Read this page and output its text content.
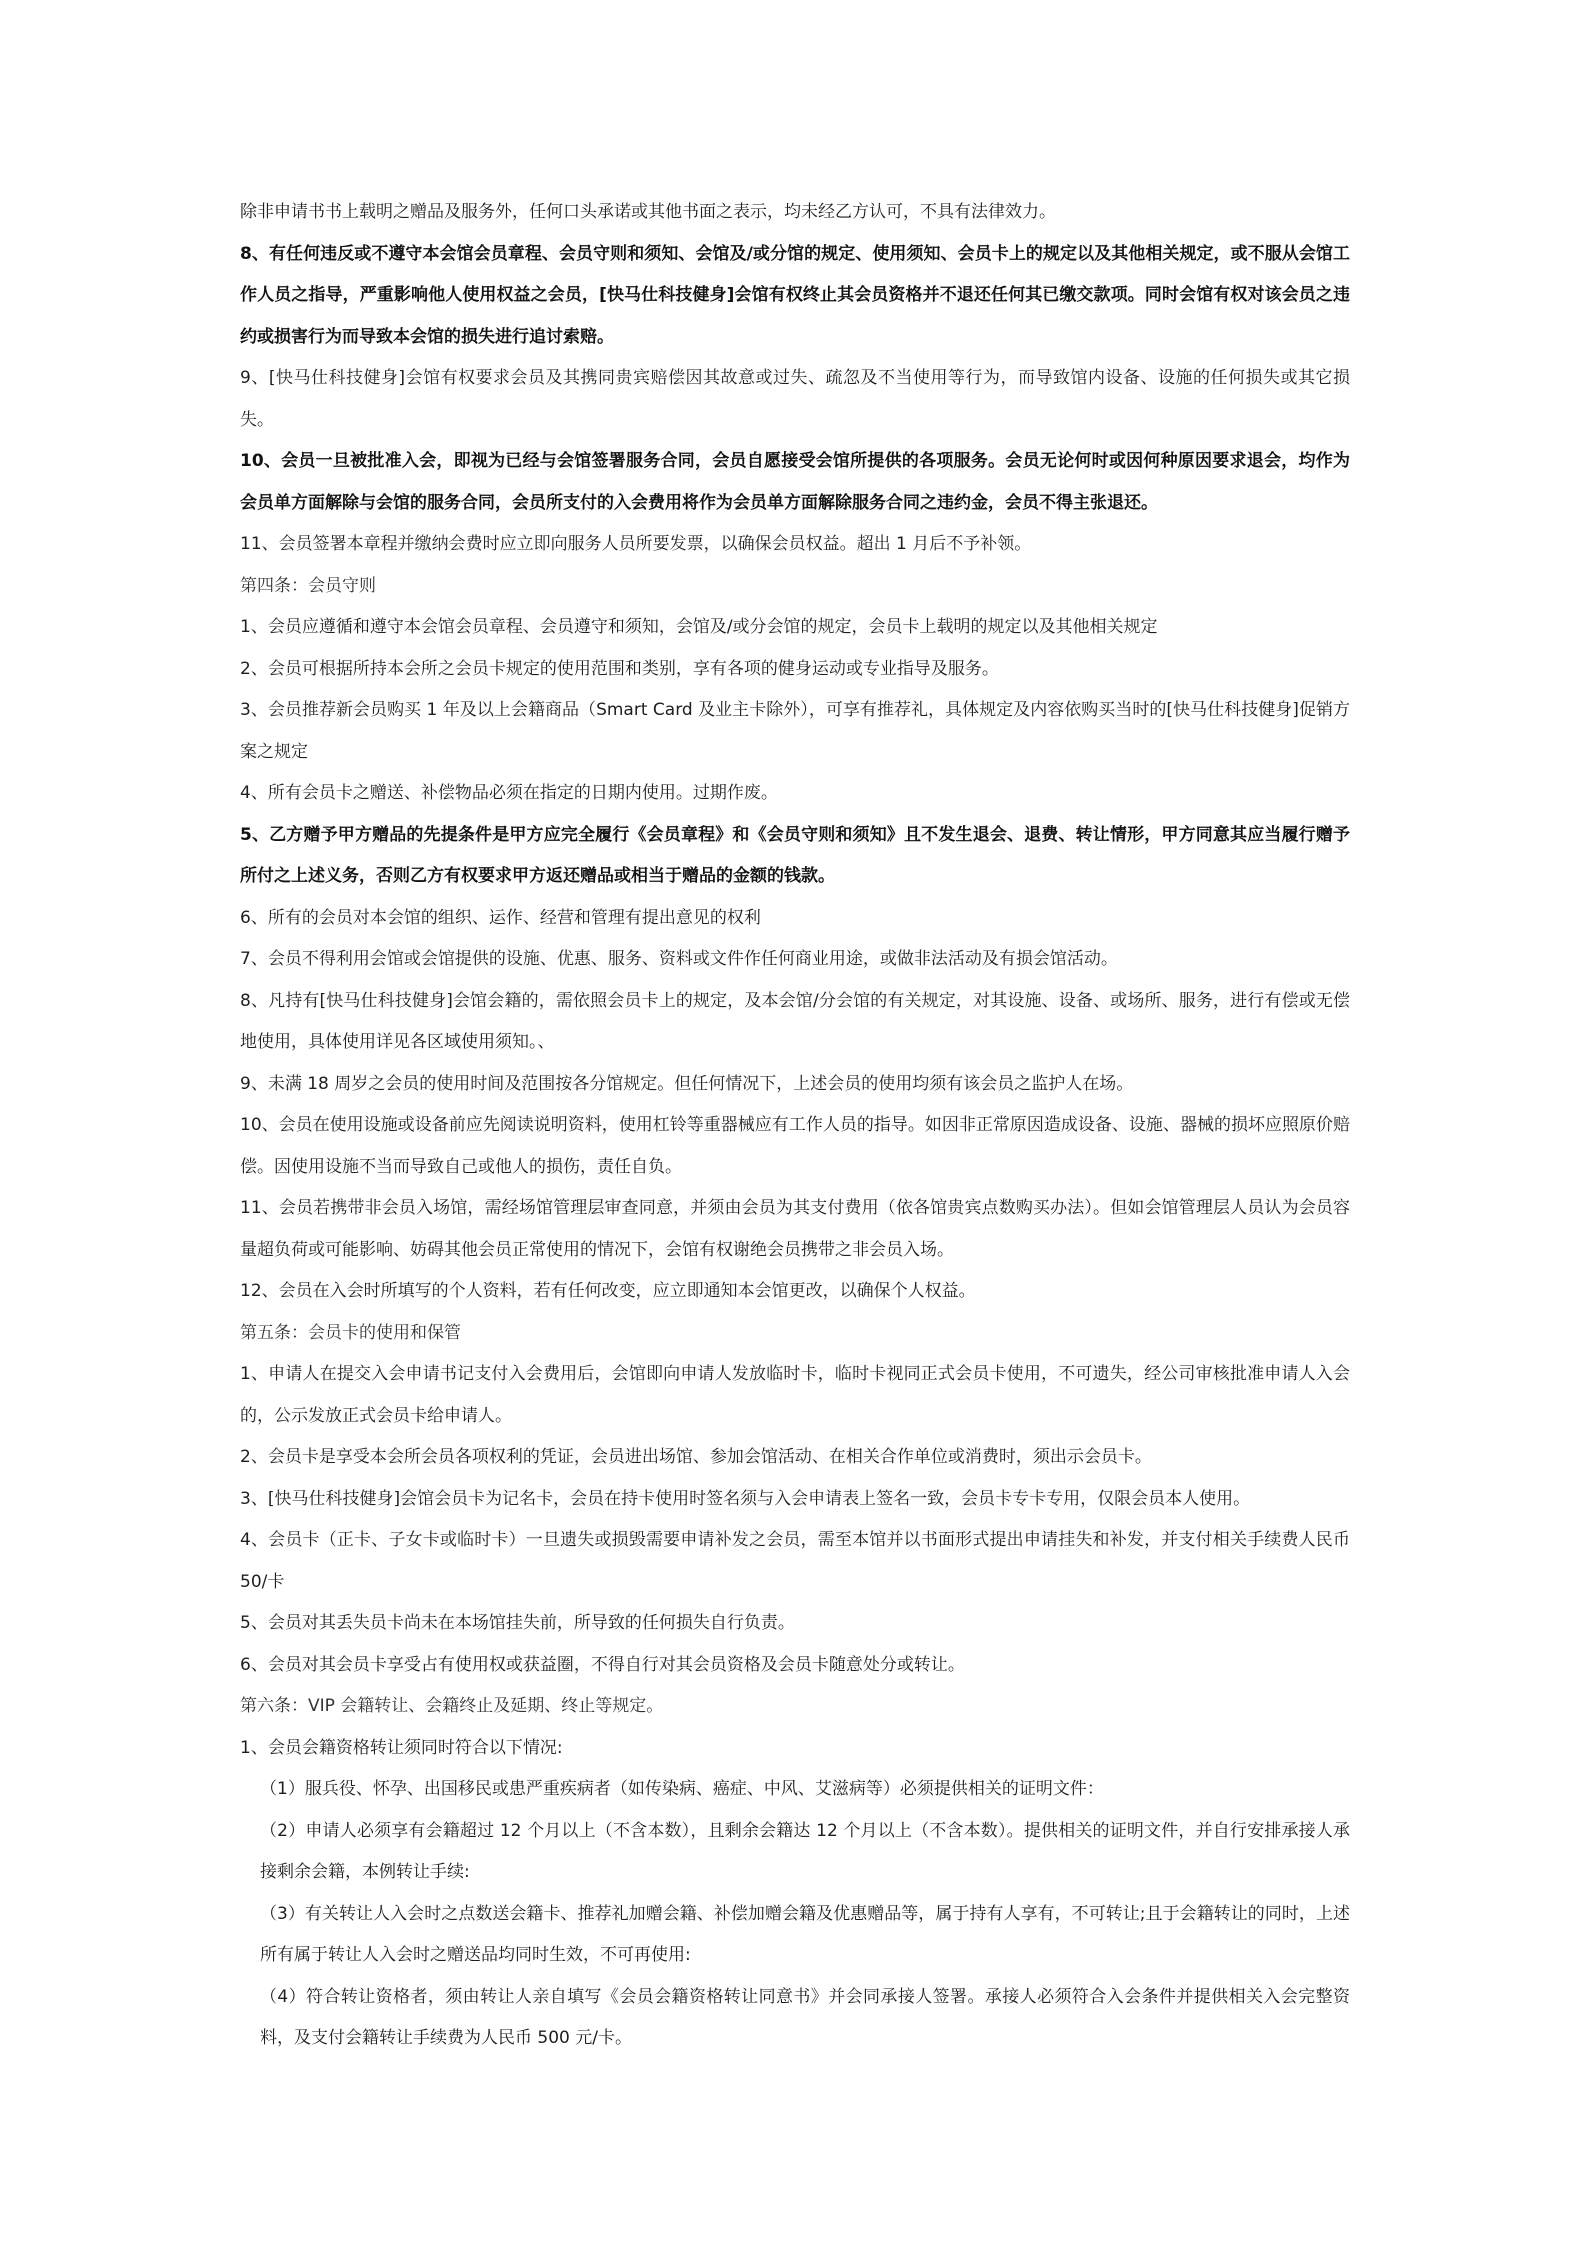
除非申请书书上载明之赠品及服务外，任何口头承诺或其他书面之表示，均未经乙方认可，不具有法律效力。

8、有任何违反或不遵守本会馆会员章程、会员守则和须知、会馆及/或分馆的规定、使用须知、会员卡上的规定以及其他相关规定，或不服从会馆工作人员之指导，严重影响他人使用权益之会员，[快马仕科技健身]会馆有权终止其会员资格并不退还任何其已缴交款项。同时会馆有权对该会员之违约或损害行为而导致本会馆的损失进行追讨索赔。

9、[快马仕科技健身]会馆有权要求会员及其携同贵宾赔偿因其故意或过失、疏忽及不当使用等行为，而导致馆内设备、设施的任何损失或其它损失。

10、会员一旦被批准入会，即视为已经与会馆签署服务合同，会员自愿接受会馆所提供的各项服务。会员无论何时或因何种原因要求退会，均作为会员单方面解除与会馆的服务合同，会员所支付的入会费用将作为会员单方面解除服务合同之违约金，会员不得主张退还。

11、会员签署本章程并缴纳会费时应立即向服务人员所要发票，以确保会员权益。超出 1 月后不予补领。

第四条：会员守则

1、会员应遵循和遵守本会馆会员章程、会员遵守和须知，会馆及/或分会馆的规定，会员卡上载明的规定以及其他相关规定

2、会员可根据所持本会所之会员卡规定的使用范围和类别，享有各项的健身运动或专业指导及服务。

3、会员推荐新会员购买 1 年及以上会籍商品（Smart Card 及业主卡除外），可享有推荐礼，具体规定及内容依购买当时的[快马仕科技健身]促销方案之规定

4、所有会员卡之赠送、补偿物品必须在指定的日期内使用。过期作废。

5、乙方赠予甲方赠品的先提条件是甲方应完全履行《会员章程》和《会员守则和须知》且不发生退会、退费、转让情形，甲方同意其应当履行赠予所付之上述义务，否则乙方有权要求甲方返还赠品或相当于赠品的金额的钱款。

6、所有的会员对本会馆的组织、运作、经营和管理有提出意见的权利

7、会员不得利用会馆或会馆提供的设施、优惠、服务、资料或文件作任何商业用途，或做非法活动及有损会馆活动。

8、凡持有[快马仕科技健身]会馆会籍的，需依照会员卡上的规定，及本会馆/分会馆的有关规定，对其设施、设备、或场所、服务，进行有偿或无偿地使用，具体使用详见各区域使用须知。、

9、未满 18 周岁之会员的使用时间及范围按各分馆规定。但任何情况下，上述会员的使用均须有该会员之监护人在场。

10、会员在使用设施或设备前应先阅读说明资料，使用杠铃等重器械应有工作人员的指导。如因非正常原因造成设备、设施、器械的损坏应照原价赔偿。因使用设施不当而导致自己或他人的损伤，责任自负。

11、会员若携带非会员入场馆，需经场馆管理层审查同意，并须由会员为其支付费用（依各馆贵宾点数购买办法）。但如会馆管理层人员认为会员容量超负荷或可能影响、妨碍其他会员正常使用的情况下，会馆有权谢绝会员携带之非会员入场。

12、会员在入会时所填写的个人资料，若有任何改变，应立即通知本会馆更改，以确保个人权益。

第五条：会员卡的使用和保管

1、申请人在提交入会申请书记支付入会费用后，会馆即向申请人发放临时卡，临时卡视同正式会员卡使用，不可遗失，经公司审核批准申请人入会的，公示发放正式会员卡给申请人。

2、会员卡是享受本会所会员各项权利的凭证，会员进出场馆、参加会馆活动、在相关合作单位或消费时，须出示会员卡。

3、[快马仕科技健身]会馆会员卡为记名卡，会员在持卡使用时签名须与入会申请表上签名一致，会员卡专卡专用，仅限会员本人使用。

4、会员卡（正卡、子女卡或临时卡）一旦遗失或损毁需要申请补发之会员，需至本馆并以书面形式提出申请挂失和补发，并支付相关手续费人民币 50/卡

5、会员对其丢失员卡尚未在本场馆挂失前，所导致的任何损失自行负责。

6、会员对其会员卡享受占有使用权或获益圈，不得自行对其会员资格及会员卡随意处分或转让。

第六条：VIP 会籍转让、会籍终止及延期、终止等规定。

1、会员会籍资格转让须同时符合以下情况:

（1）服兵役、怀孕、出国移民或患严重疾病者（如传染病、癌症、中风、艾滋病等）必须提供相关的证明文件：

（2）申请人必须享有会籍超过 12 个月以上（不含本数），且剩余会籍达 12 个月以上（不含本数）。提供相关的证明文件，并自行安排承接人承接剩余会籍，本例转让手续:

（3）有关转让人入会时之点数送会籍卡、推荐礼加赠会籍、补偿加赠会籍及优惠赠品等，属于持有人享有，不可转让;且于会籍转让的同时，上述所有属于转让人入会时之赠送品均同时生效，不可再使用:

（4）符合转让资格者，须由转让人亲自填写《会员会籍资格转让同意书》并会同承接人签署。承接人必须符合入会条件并提供相关入会完整资料，及支付会籍转让手续费为人民币 500 元/卡。
